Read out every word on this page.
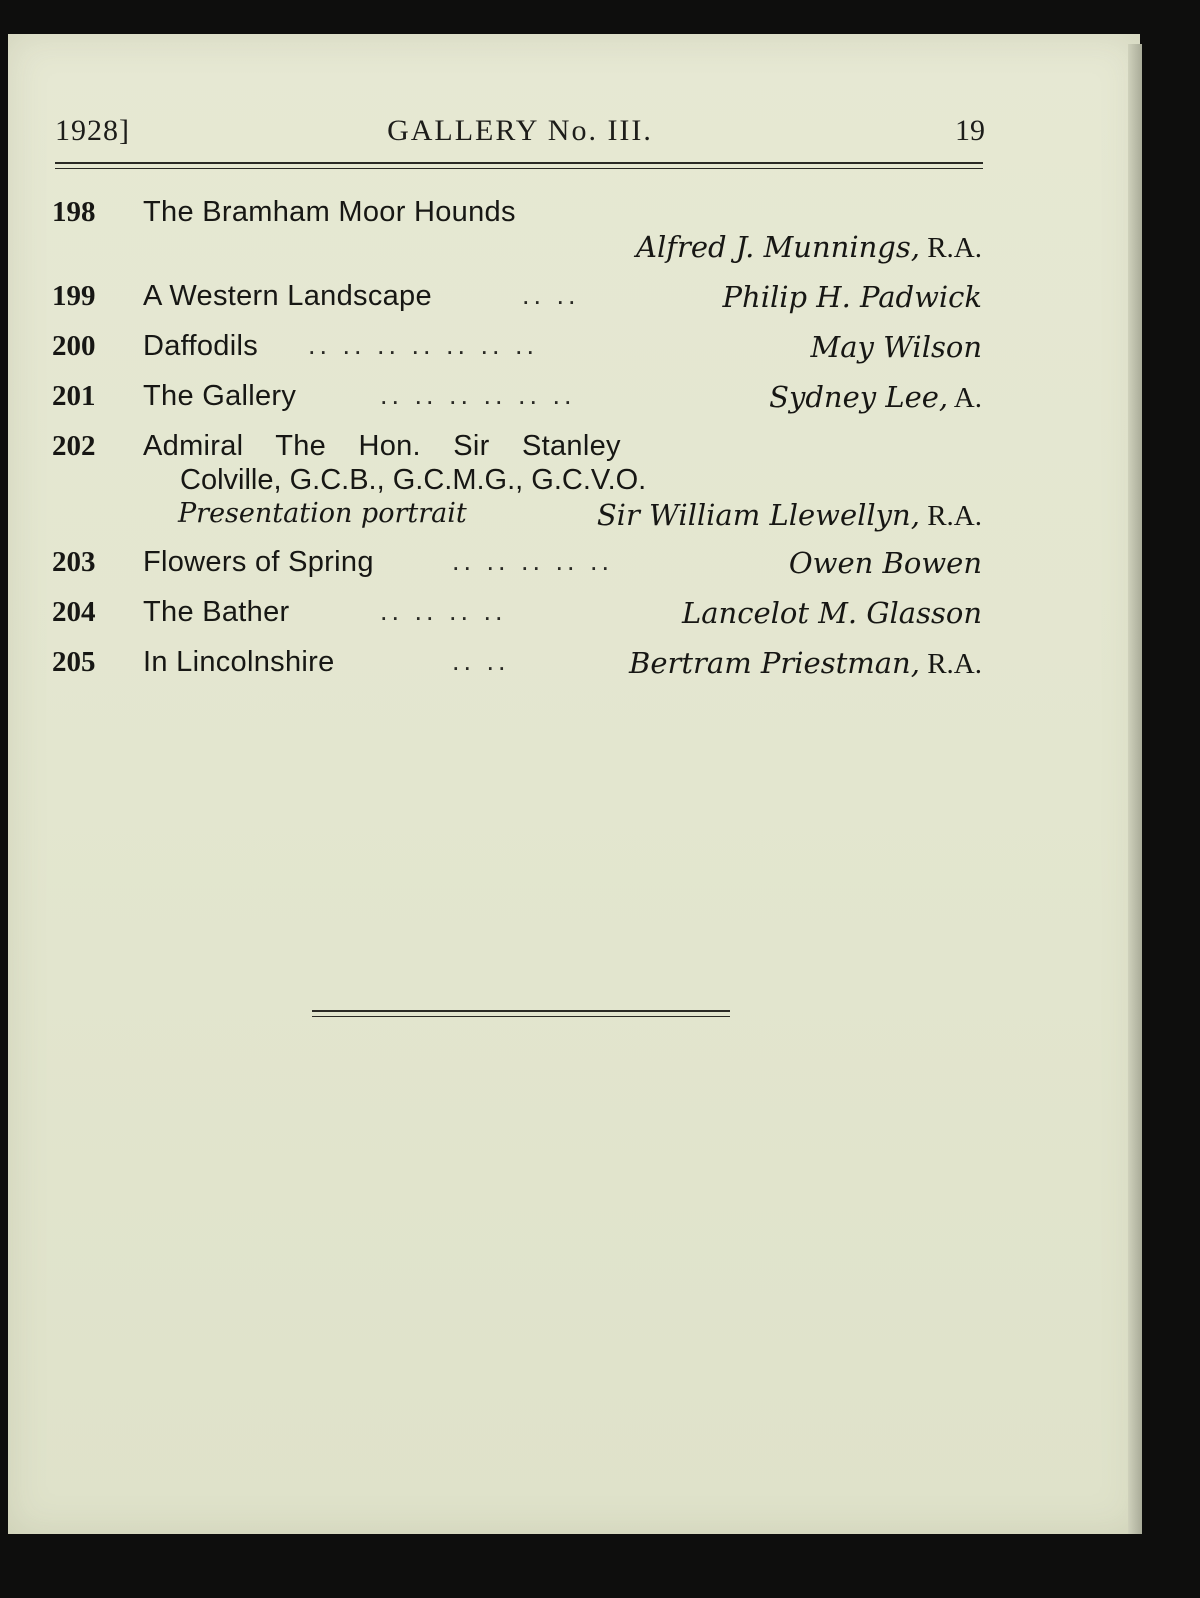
1928]	GALLERY No. III.	19
198	The Bramham Moor Hounds
Alfred J. Munnings, R.A.
199	A Western Landscape	.. ..	Philip H. Padwick
200	Daffodils .. .. .. .. .. .. ..	May Wilson
201	The Gallery	.. .. .. .. .. ..	Sydney Lee, A.
202	Admiral The Hon. Sir Stanley
Colville, G.C.B., G.C.M.G., G.C.V.O.
Presentation portrait	Sir William Llewellyn, R.A.
203	Flowers of Spring	.. .. .. .. ..	Owen Bowen
204	The Bather	.. .. .. ..	Lancelot M. Glasson
205	In Lincolnshire	.. ..	Bertram Priestman, R.A.
